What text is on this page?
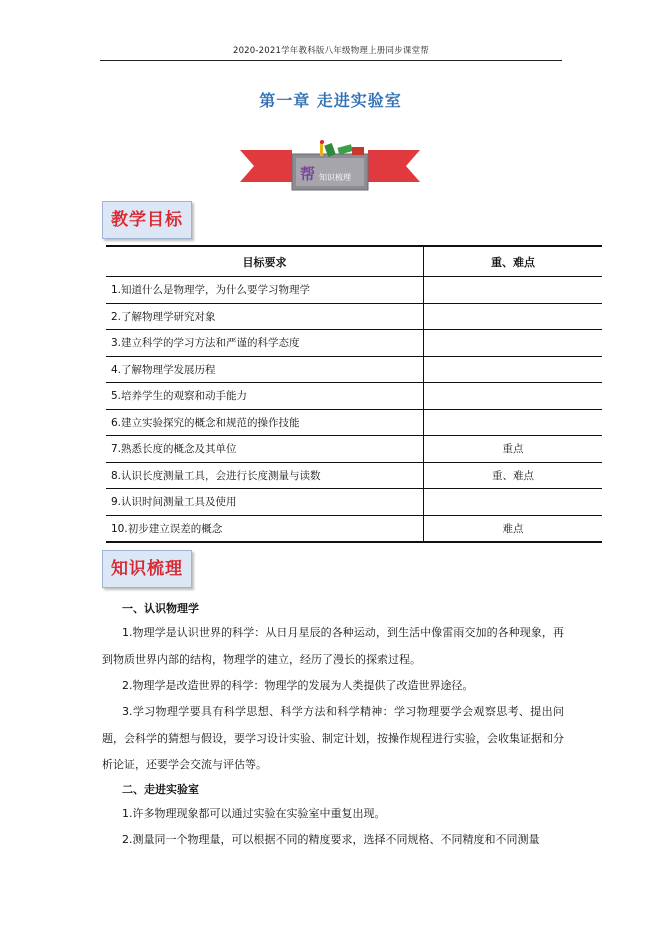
2020-2021学年教科版八年级物理上册同步课堂帮
第一章 走进实验室
帮 知识梳理
教学目标
目标要求	重、难点
1.知道什么是物理学，为什么要学习物理学	
2.了解物理学研究对象	
3.建立科学的学习方法和严谨的科学态度	
4.了解物理学发展历程	
5.培养学生的观察和动手能力	
6.建立实验探究的概念和规范的操作技能	
7.熟悉长度的概念及其单位	重点
8.认识长度测量工具，会进行长度测量与读数	重、难点
9.认识时间测量工具及使用	
10.初步建立误差的概念	难点
知识梳理
一、认识物理学
1.物理学是认识世界的科学：从日月星辰的各种运动，到生活中像雷雨交加的各种现象，再到物质世界内部的结构，物理学的建立，经历了漫长的探索过程。
2.物理学是改造世界的科学：物理学的发展为人类提供了改造世界途径。
3.学习物理学要具有科学思想、科学方法和科学精神：学习物理要学会观察思考、提出问题，会科学的猜想与假设，要学习设计实验、制定计划，按操作规程进行实验，会收集证据和分析论证，还要学会交流与评估等。
二、走进实验室
1.许多物理现象都可以通过实验在实验室中重复出现。
2.测量同一个物理量，可以根据不同的精度要求，选择不同规格、不同精度和不同测量
